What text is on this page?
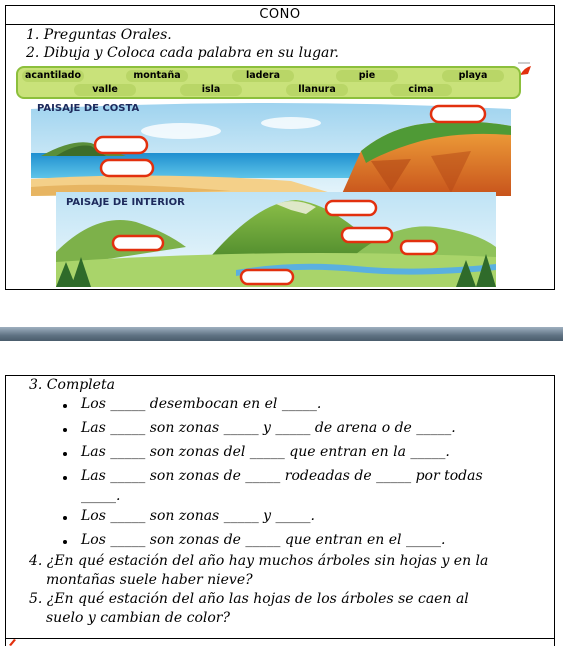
CONO
1. Preguntas Orales.
2. Dibuja y Coloca cada palabra en su lugar.
acantilado	montaña	ladera	pie	playa
valle	isla	llanura	cima
PAISAJE DE COSTA
PAISAJE DE INTERIOR
3. Completa
Los _____ desembocan en el _____.
Las _____ son zonas _____ y _____ de arena o de _____.
Las _____ son zonas del _____ que entran en la _____.
Las _____ son zonas de _____ rodeadas de _____ por todas
_____.
Los _____ son zonas _____ y _____.
Los _____ son zonas de _____ que entran en el _____.
4. ¿En qué estación del año hay muchos árboles sin hojas y en la
montañas suele haber nieve?
5. ¿En qué estación del año las hojas de los árboles se caen al
suelo y cambian de color?
